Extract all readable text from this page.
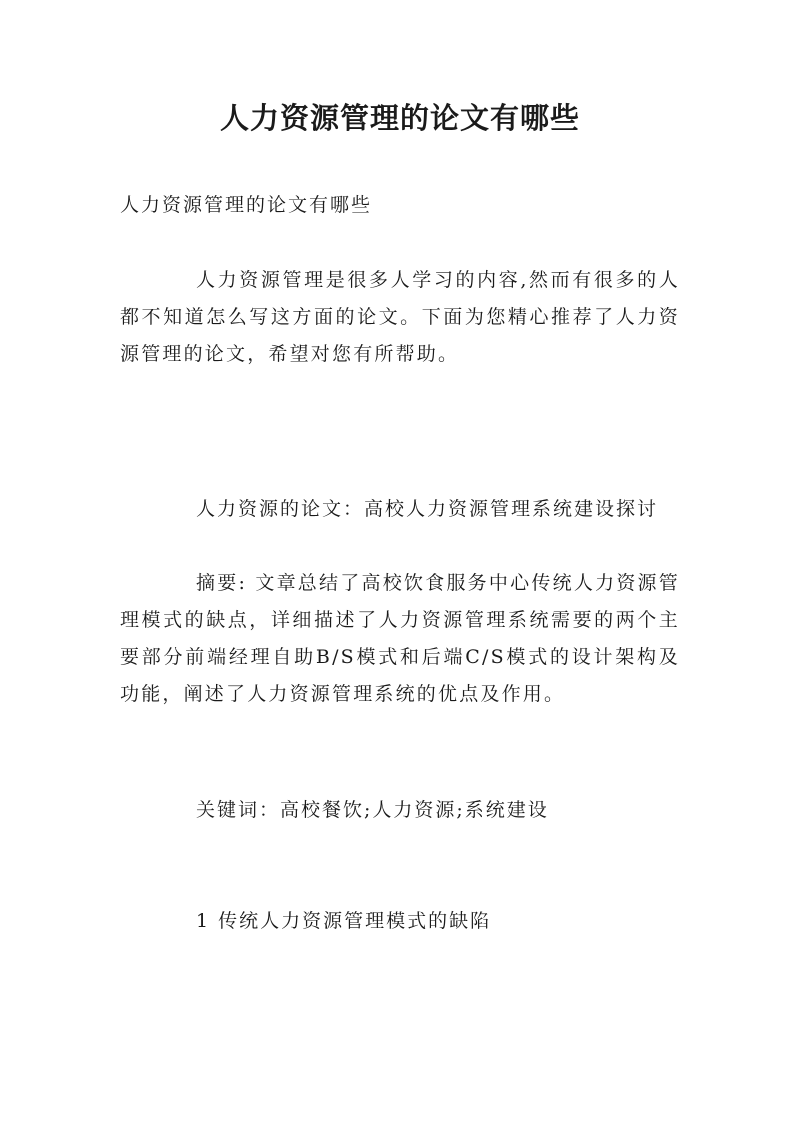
人力资源管理的论文有哪些
人力资源管理的论文有哪些

人力资源管理是很多人学习的内容,然而有很多的人都不知道怎么写这方面的论文。下面为您精心推荐了人力资源管理的论文，希望对您有所帮助。

人力资源的论文：高校人力资源管理系统建设探讨

摘要: 文章总结了高校饮食服务中心传统人力资源管理模式的缺点，详细描述了人力资源管理系统需要的两个主要部分前端经理自助B/S模式和后端C/S模式的设计架构及功能，阐述了人力资源管理系统的优点及作用。

关键词：高校餐饮;人力资源;系统建设
1 传统人力资源管理模式的缺陷
